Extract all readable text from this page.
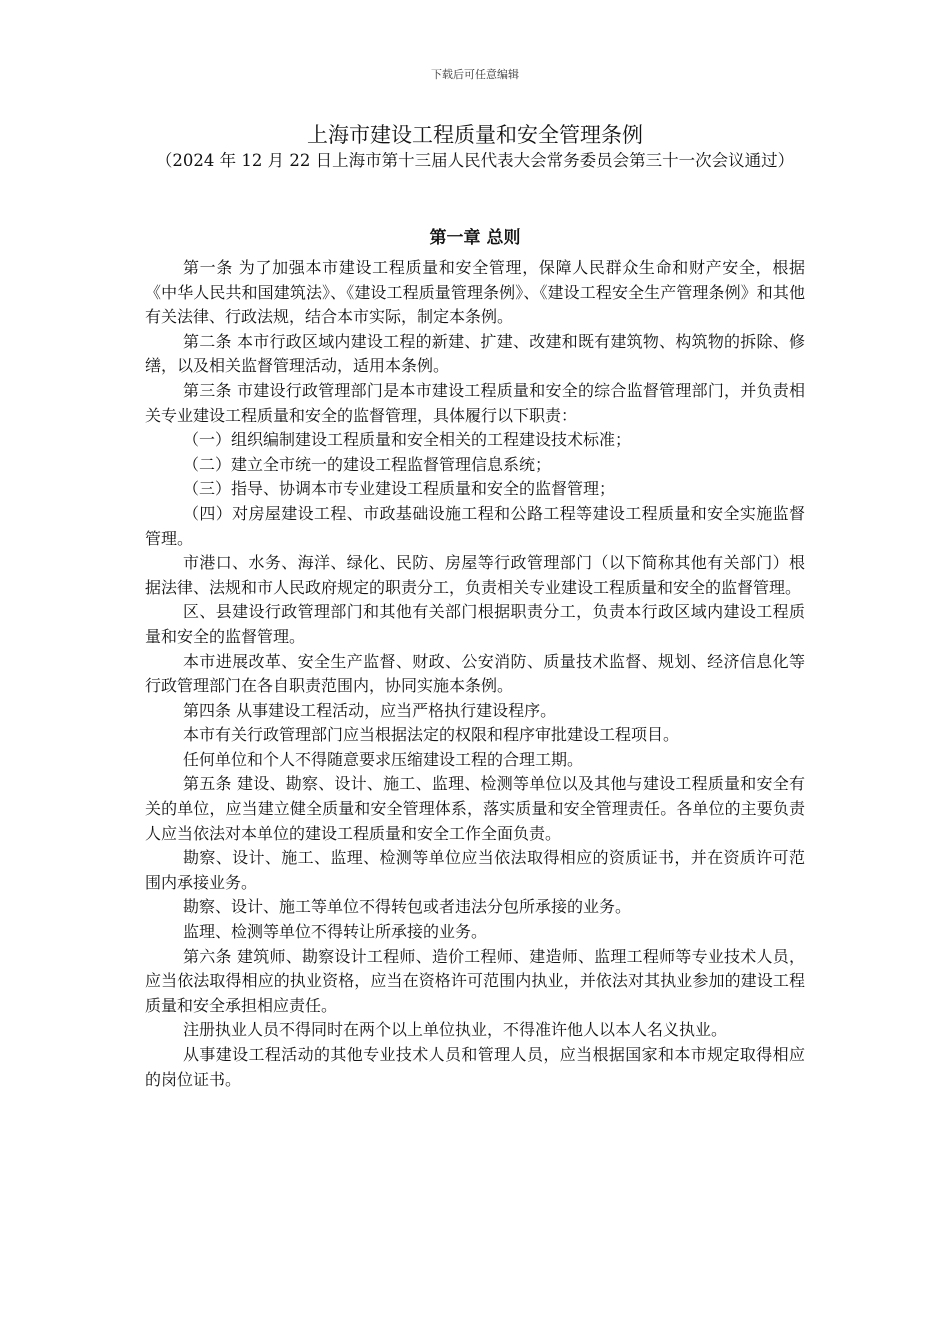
下载后可任意编辑
上海市建设工程质量和安全管理条例
（2024 年 12 月 22 日上海市第十三届人民代表大会常务委员会第三十一次会议通过）
第一章 总则

第一条 为了加强本市建设工程质量和安全管理，保障人民群众生命和财产安全，根据《中华人民共和国建筑法》、《建设工程质量管理条例》、《建设工程安全生产管理条例》和其他有关法律、行政法规，结合本市实际，制定本条例。

第二条 本市行政区域内建设工程的新建、扩建、改建和既有建筑物、构筑物的拆除、修缮，以及相关监督管理活动，适用本条例。

第三条 市建设行政管理部门是本市建设工程质量和安全的综合监督管理部门，并负责相关专业建设工程质量和安全的监督管理，具体履行以下职责：

（一）组织编制建设工程质量和安全相关的工程建设技术标准；

（二）建立全市统一的建设工程监督管理信息系统；

（三）指导、协调本市专业建设工程质量和安全的监督管理；

（四）对房屋建设工程、市政基础设施工程和公路工程等建设工程质量和安全实施监督管理。

市港口、水务、海洋、绿化、民防、房屋等行政管理部门（以下简称其他有关部门）根据法律、法规和市人民政府规定的职责分工，负责相关专业建设工程质量和安全的监督管理。

区、县建设行政管理部门和其他有关部门根据职责分工，负责本行政区域内建设工程质量和安全的监督管理。

本市进展改革、安全生产监督、财政、公安消防、质量技术监督、规划、经济信息化等行政管理部门在各自职责范围内，协同实施本条例。

第四条 从事建设工程活动，应当严格执行建设程序。

本市有关行政管理部门应当根据法定的权限和程序审批建设工程项目。

任何单位和个人不得随意要求压缩建设工程的合理工期。

第五条 建设、勘察、设计、施工、监理、检测等单位以及其他与建设工程质量和安全有关的单位，应当建立健全质量和安全管理体系，落实质量和安全管理责任。各单位的主要负责人应当依法对本单位的建设工程质量和安全工作全面负责。

勘察、设计、施工、监理、检测等单位应当依法取得相应的资质证书，并在资质许可范围内承接业务。

勘察、设计、施工等单位不得转包或者违法分包所承接的业务。

监理、检测等单位不得转让所承接的业务。

第六条 建筑师、勘察设计工程师、造价工程师、建造师、监理工程师等专业技术人员，应当依法取得相应的执业资格，应当在资格许可范围内执业，并依法对其执业参加的建设工程质量和安全承担相应责任。

注册执业人员不得同时在两个以上单位执业，不得准许他人以本人名义执业。

从事建设工程活动的其他专业技术人员和管理人员，应当根据国家和本市规定取得相应的岗位证书。
